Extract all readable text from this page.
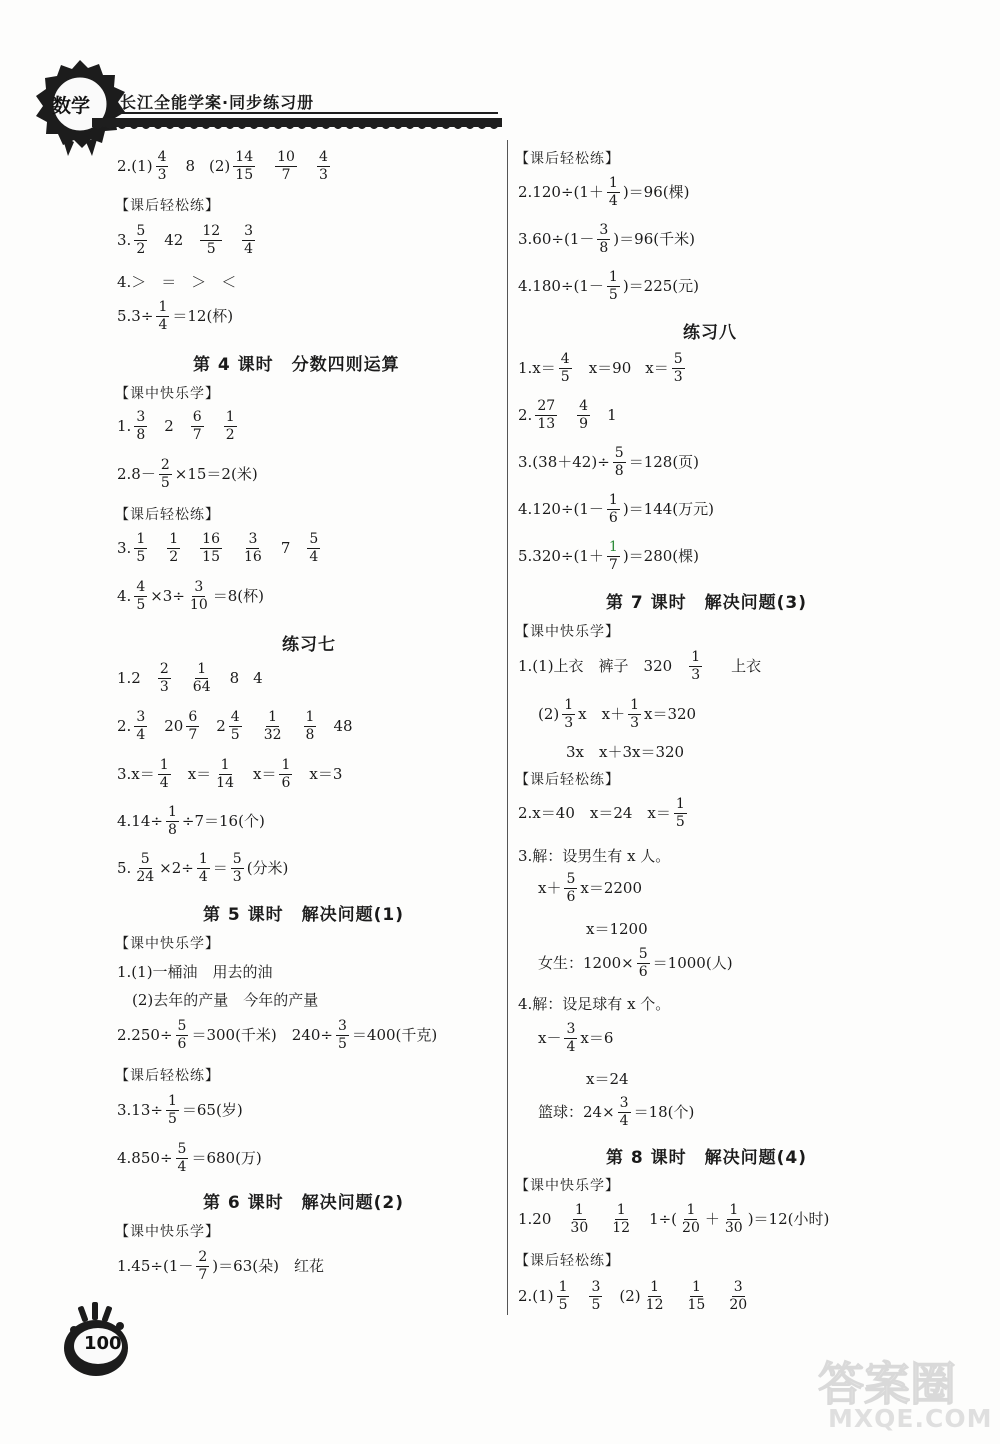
数学 长江全能学案·同步练习册
$2.(1) \frac{4}{3} 8$ $(2) \frac{14}{15} \frac{10}{7} \frac{4}{3}$
【课后轻松练】
3. $\frac{5}{2} 42 \frac{12}{5} \frac{3}{4}$
4.＞　＝　＞　＜
$5.3\div \frac{1}{4} =12$(杯)
第 4 课时　分数四则运算
【课中快乐学】
1. $\frac{3}{8} 2 \frac{6}{7} \frac{1}{2}$
$2.8- \frac{2}{5} \times 15=2$(米)
【课后轻松练】
3. $\frac{1}{5} \frac{1}{2} \frac{16}{15} \frac{3}{16} 7 \frac{5}{4}$
4. $\frac{4}{5} \times 3\div \frac{3}{10} =8$(杯)
练习七
$1.2 \frac{2}{3} \frac{1}{64} 8$ 4
2. $\frac{3}{4} 20 \frac{6}{7} 2 \frac{4}{5} \frac{1}{32} \frac{1}{8} 48$
$3.x= \frac{1}{4} x= \frac{1}{14} x= \frac{1}{6} x=3$
$4.14\div \frac{1}{8} \div 7=16$(个)
5. $\frac{5}{24} \times 2\div \frac{1}{4} = \frac{5}{3}$ (分米)
第 5 课时　解决问题(1)
【课中快乐学】
1.(1)一桶油　用去的油
(2)去年的产量　今年的产量
$2.250\div \frac{5}{6} =300$(千米)　$240\div \frac{3}{5} =400$(千克)
【课后轻松练】
$3.13\div \frac{1}{5} =65$(岁)
$4.850\div \frac{5}{4} =680$(万)
第 6 课时　解决问题(2)
【课中快乐学】
$1.45\div(1- \frac{2}{7} )=63$(朵)　红花
【课后轻松练】
$2.120\div(1+ \frac{1}{4} )=96$(棵)
$3.60\div(1- \frac{3}{8} )=96$(千米)
$4.180\div(1- \frac{1}{5} )=225$(元)
练习八
$1.x= \frac{4}{5} x=90$ $x= \frac{5}{3}$
2. $\frac{27}{13} \frac{4}{9} 1$
$3.(38+42)\div \frac{5}{8} =128$(页)
$4.120\div(1- \frac{1}{6} )=144$(万元)
$5.320\div(1+ \frac{1}{7} )=280$(棵)
第 7 课时　解决问题(3)
【课中快乐学】
1.(1)上衣　裤子　$320 \frac{1}{3}$ 上衣
$(2) \frac{1}{3}$ x　$x+ \frac{1}{3} x=320$
3x　x＋3x＝320
【课后轻松练】
2.x＝40　x＝24　$x= \frac{1}{5}$
3.解：设男生有 x 人。
$x+ \frac{5}{6} x=2200$
x＝1200
女生：$1200\times \frac{5}{6} =1000$(人)
4.解：设足球有 x 个。
$x- \frac{3}{4} x=6$
x＝24
篮球：$24\times \frac{3}{4} =18$(个)
第 8 课时　解决问题(4)
【课中快乐学】
$1.20 \frac{1}{30} \frac{1}{12} 1\div( \frac{1}{20} + \frac{1}{30} )=12$(小时)
【课后轻松练】
$2.(1) \frac{1}{5} \frac{3}{5} (2) \frac{1}{12} \frac{1}{15} \frac{3}{20}$
100
答案圈
MXQE.COM
